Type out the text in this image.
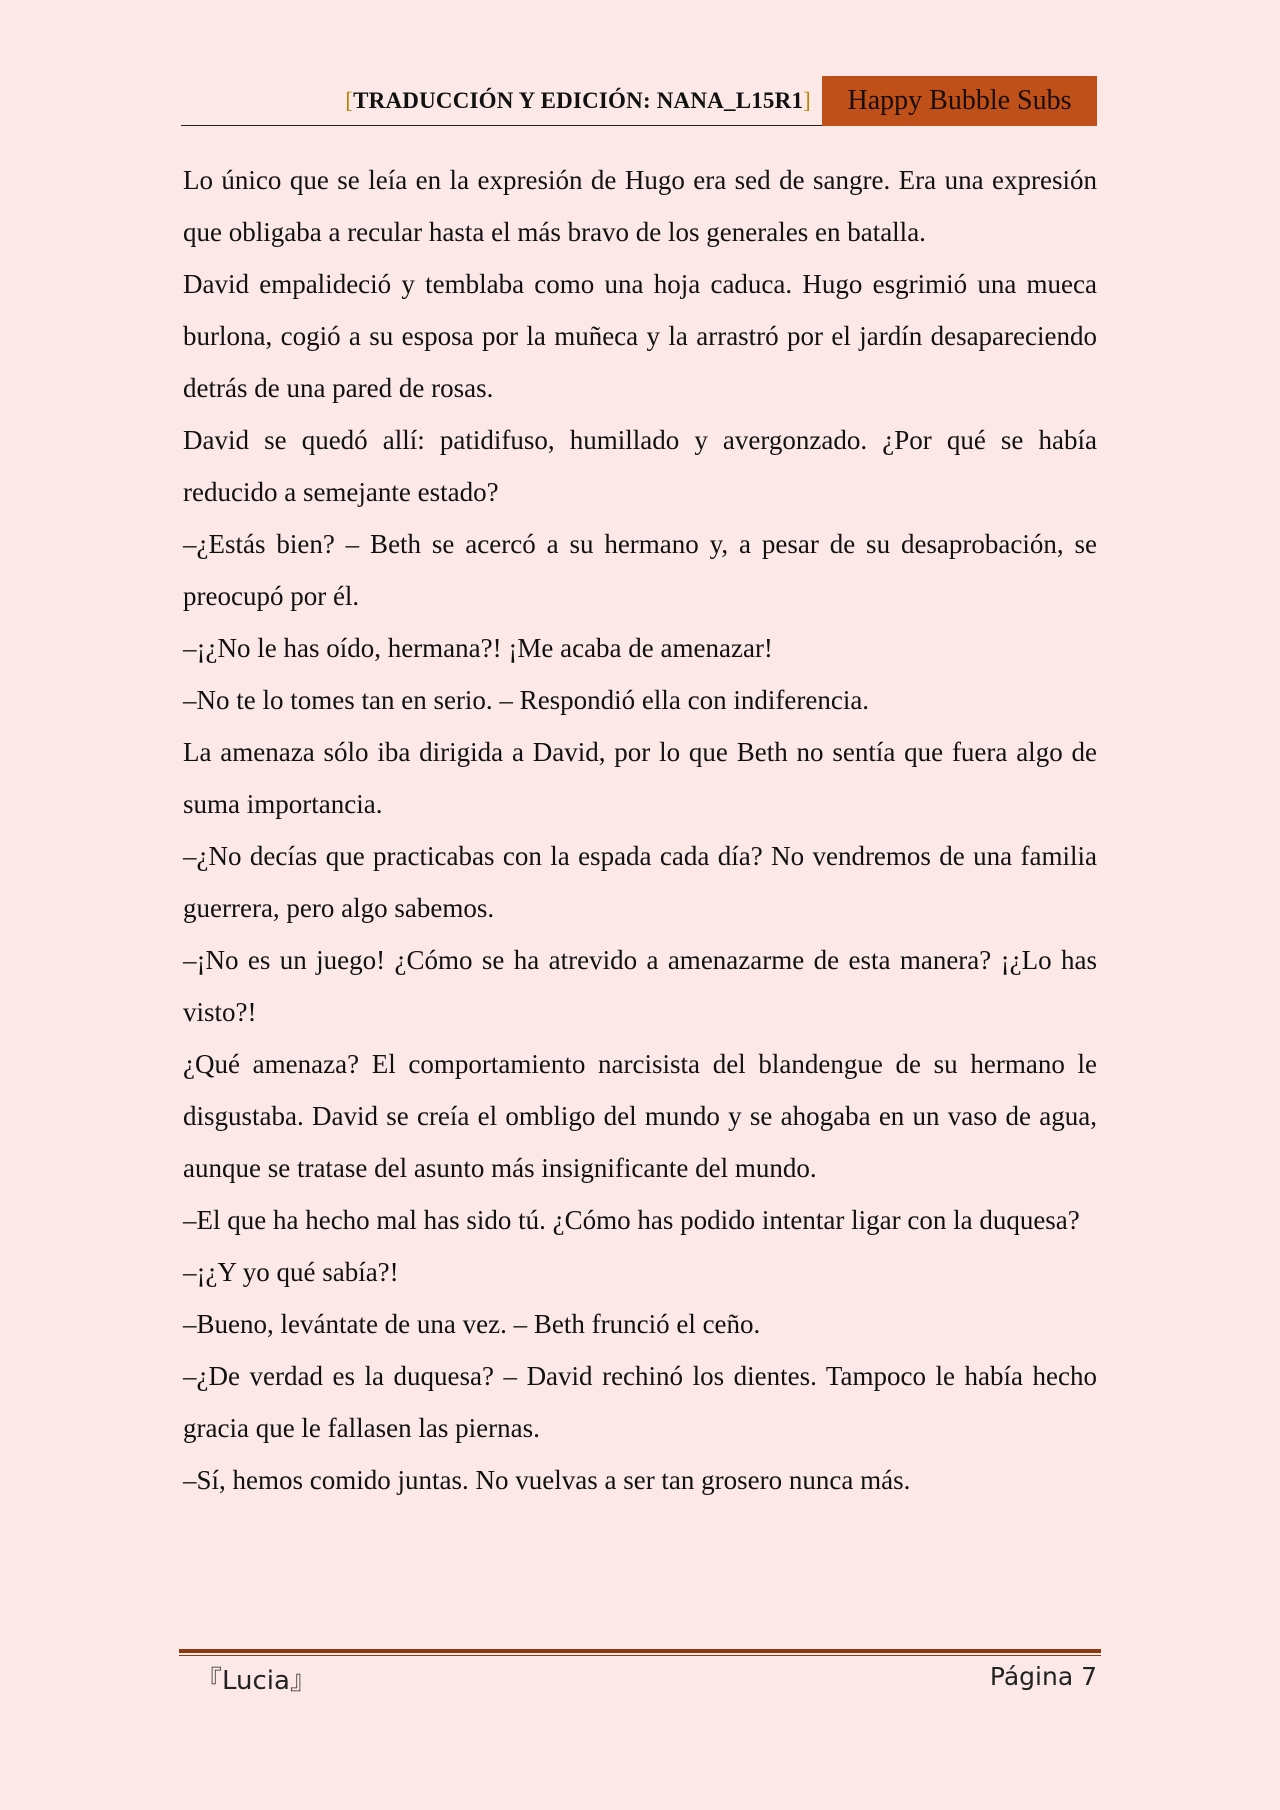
[TRADUCCIÓN Y EDICIÓN: NANA_L15R1] Happy Bubble Subs

Lo único que se leía en la expresión de Hugo era sed de sangre. Era una expresión que obligaba a recular hasta el más bravo de los generales en batalla.

David empalideció y temblaba como una hoja caduca. Hugo esgrimió una mueca burlona, cogió a su esposa por la muñeca y la arrastró por el jardín desapareciendo detrás de una pared de rosas.

David se quedó allí: patidifuso, humillado y avergonzado. ¿Por qué se había reducido a semejante estado?

–¿Estás bien? – Beth se acercó a su hermano y, a pesar de su desaprobación, se preocupó por él.

–¡¿No le has oído, hermana?! ¡Me acaba de amenazar!

–No te lo tomes tan en serio. – Respondió ella con indiferencia.

La amenaza sólo iba dirigida a David, por lo que Beth no sentía que fuera algo de suma importancia.

–¿No decías que practicabas con la espada cada día? No vendremos de una familia guerrera, pero algo sabemos.

–¡No es un juego! ¿Cómo se ha atrevido a amenazarme de esta manera? ¡¿Lo has visto?!

¿Qué amenaza? El comportamiento narcisista del blandengue de su hermano le disgustaba. David se creía el ombligo del mundo y se ahogaba en un vaso de agua, aunque se tratase del asunto más insignificante del mundo.

–El que ha hecho mal has sido tú. ¿Cómo has podido intentar ligar con la duquesa?

–¡¿Y yo qué sabía?!

–Bueno, levántate de una vez. – Beth frunció el ceño.

–¿De verdad es la duquesa? – David rechinó los dientes. Tampoco le había hecho gracia que le fallasen las piernas.

–Sí, hemos comido juntas. No vuelvas a ser tan grosero nunca más.

『Lucia』	Página 7
